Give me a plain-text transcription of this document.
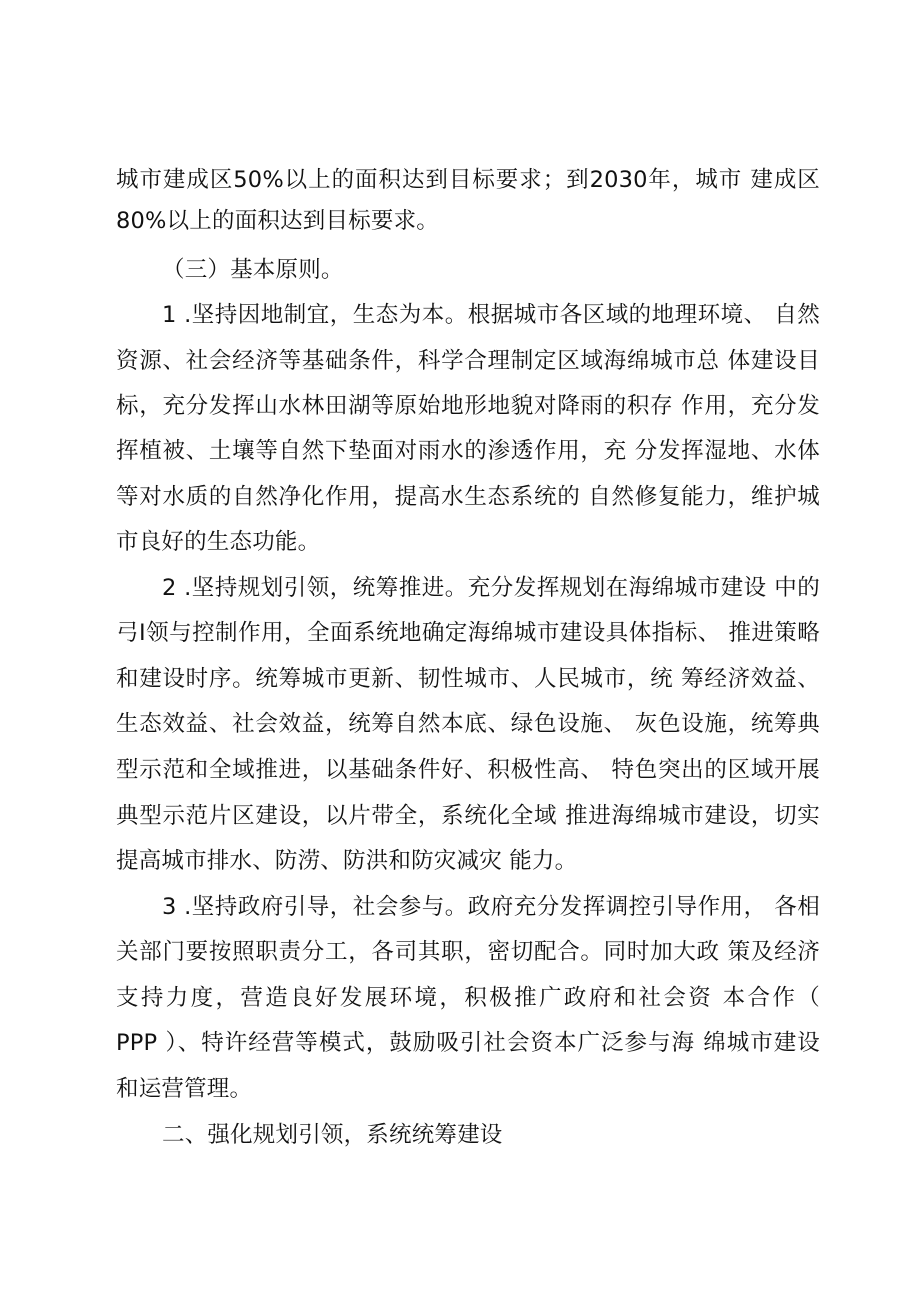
城市建成区50%以上的面积达到目标要求；到2030年，城市 建成区
80%以上的面积达到目标要求。
（三）基本原则。
1 .坚持因地制宜，生态为本。根据城市各区域的地理环境、 自然
资源、社会经济等基础条件，科学合理制定区域海绵城市总 体建设目
标，充分发挥山水林田湖等原始地形地貌对降雨的积存 作用，充分发
挥植被、土壤等自然下垫面对雨水的渗透作用，充 分发挥湿地、水体
等对水质的自然净化作用，提高水生态系统的 自然修复能力，维护城
市良好的生态功能。
2 .坚持规划引领，统筹推进。充分发挥规划在海绵城市建设 中的
弓I领与控制作用，全面系统地确定海绵城市建设具体指标、 推进策略
和建设时序。统筹城市更新、韧性城市、人民城市，统 筹经济效益、
生态效益、社会效益，统筹自然本底、绿色设施、 灰色设施，统筹典
型示范和全域推进，以基础条件好、积极性高、 特色突出的区域开展
典型示范片区建设，以片带全，系统化全域 推进海绵城市建设，切实
提高城市排水、防涝、防洪和防灾减灾 能力。
3 .坚持政府引导，社会参与。政府充分发挥调控引导作用， 各相
关部门要按照职责分工，各司其职，密切配合。同时加大政 策及经济
支持力度，营造良好发展环境，积极推广政府和社会资 本合作（
PPP ）、特许经营等模式，鼓励吸引社会资本广泛参与海 绵城市建设
和运营管理。
二、强化规划引领，系统统筹建设
